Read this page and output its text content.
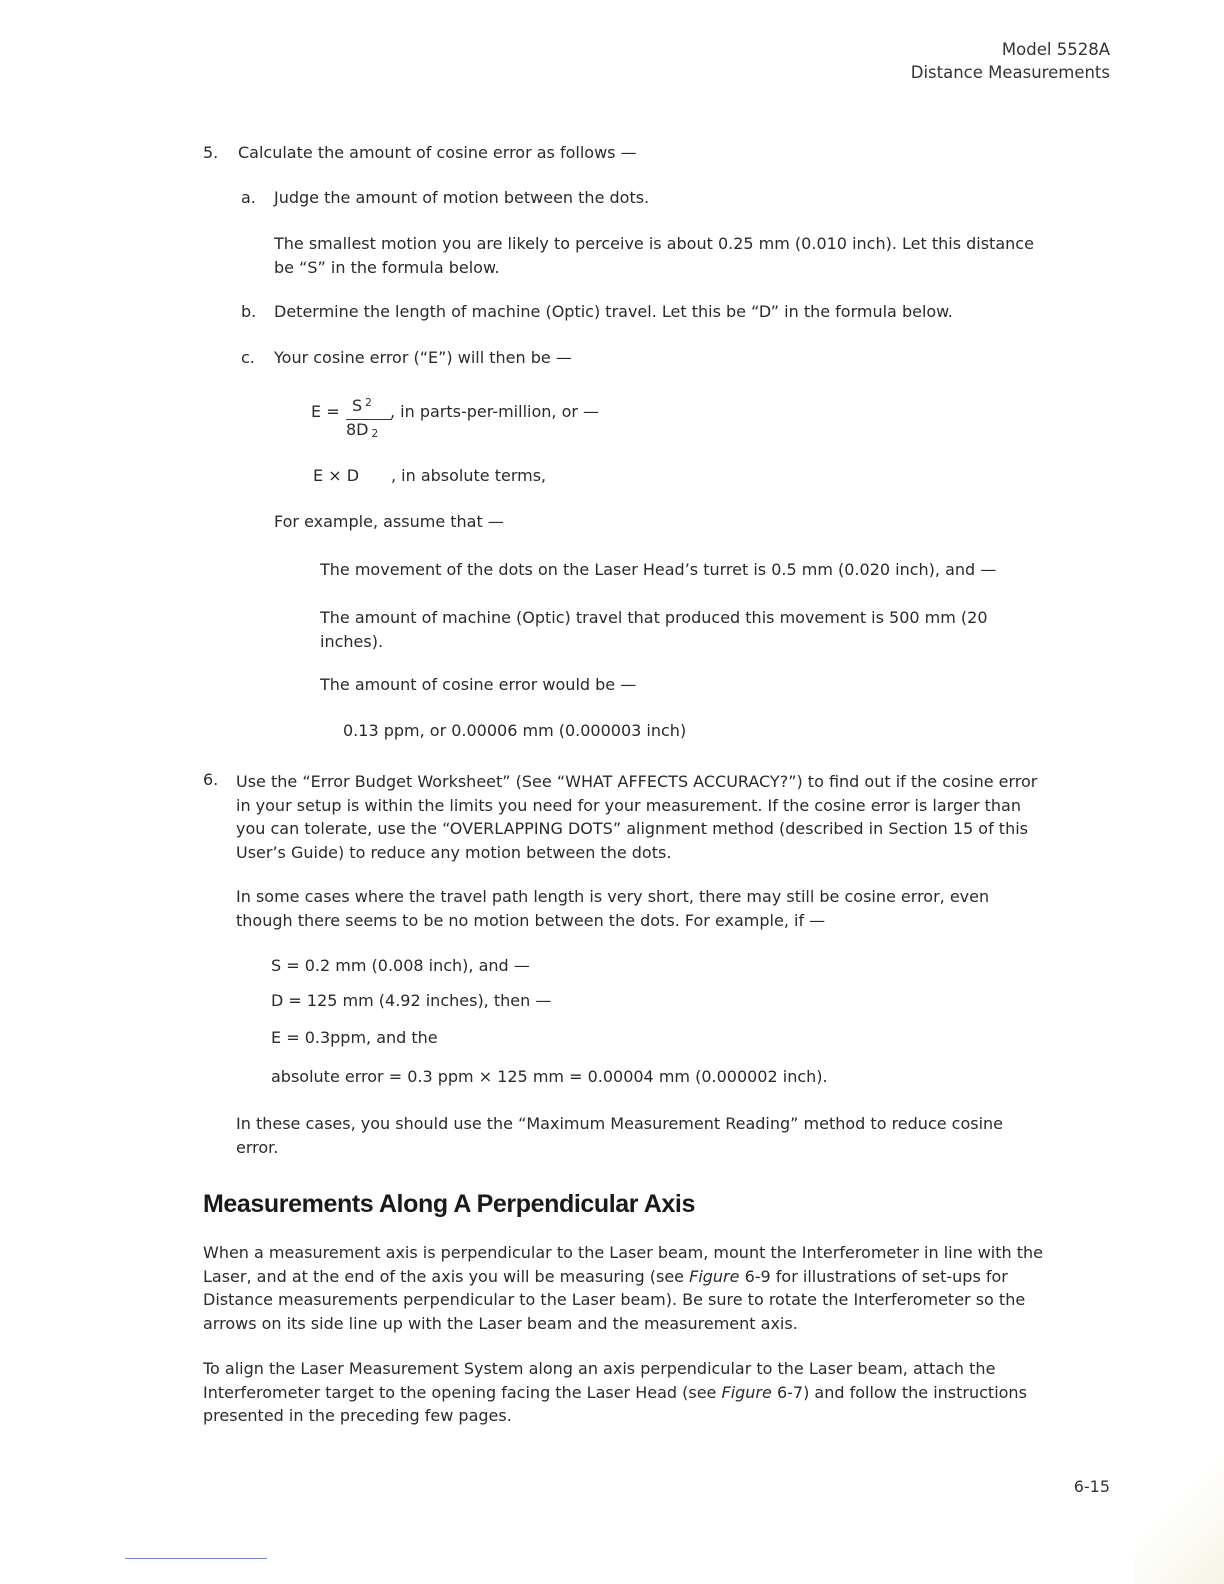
Model 5528A
Distance Measurements
5. Calculate the amount of cosine error as follows —
a. Judge the amount of motion between the dots.
The smallest motion you are likely to perceive is about 0.25 mm (0.010 inch). Let this distance be “S” in the formula below.
b. Determine the length of machine (Optic) travel. Let this be “D” in the formula below.
c. Your cosine error (“E”) will then be —
E = S $^2$
8D $^2$
, in parts-per-million, or —
E × D , in absolute terms,
For example, assume that —
The movement of the dots on the Laser Head’s turret is 0.5 mm (0.020 inch), and —
The amount of machine (Optic) travel that produced this movement is 500 mm (20 inches).
The amount of cosine error would be —
0.13 ppm, or 0.00006 mm (0.000003 inch)
6. Use the “Error Budget Worksheet” (See “WHAT AFFECTS ACCURACY?”) to find out if the cosine error in your setup is within the limits you need for your measurement. If the cosine error is larger than you can tolerate, use the “OVERLAPPING DOTS” alignment method (described in Section 15 of this User’s Guide) to reduce any motion between the dots.
In some cases where the travel path length is very short, there may still be cosine error, even though there seems to be no motion between the dots. For example, if —
S = 0.2 mm (0.008 inch), and —
D = 125 mm (4.92 inches), then —
E = 0.3ppm, and the
absolute error = 0.3 ppm × 125 mm = 0.00004 mm (0.000002 inch).
In these cases, you should use the “Maximum Measurement Reading” method to reduce cosine error.
Measurements Along A Perpendicular Axis
When a measurement axis is perpendicular to the Laser beam, mount the Interferometer in line with the Laser, and at the end of the axis you will be measuring (see Figure 6-9 for illustrations of set-ups for Distance measurements perpendicular to the Laser beam). Be sure to rotate the Interferometer so the arrows on its side line up with the Laser beam and the measurement axis.
To align the Laser Measurement System along an axis perpendicular to the Laser beam, attach the Interferometer target to the opening facing the Laser Head (see Figure 6-7) and follow the instructions presented in the preceding few pages.
6-15
